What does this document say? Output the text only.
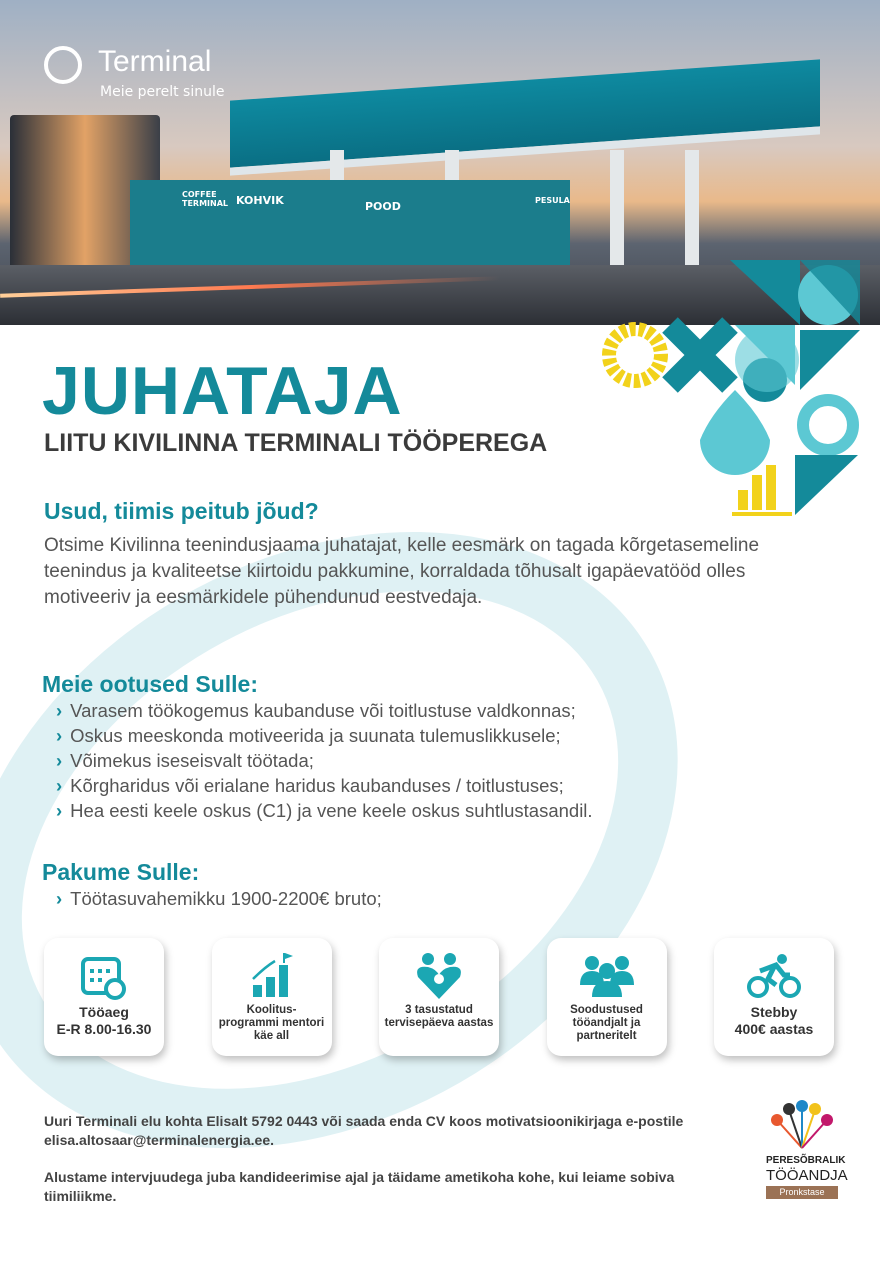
COFFEE TERMINAL KOHVIK	POOD	PESULA
Terminal
Meie perelt sinule
JUHATAJA
LIITU KIVILINNA TERMINALI TÖÖPEREGA
Usud, tiimis peitub jõud?

Otsime Kivilinna teenindusjaama juhatajat, kelle eesmärk on tagada kõrgetasemeline teenindus ja kvaliteetse kiirtoidu pakkumine, korraldada tõhusalt igapäevatööd olles motiveeriv ja eesmärkidele pühendunud eestvedaja.

Meie ootused Sulle:
› Varasem töökogemus kaubanduse või toitlustuse valdkonnas;
› Oskus meeskonda motiveerida ja suunata tulemuslikkusele;
› Võimekus iseseisvalt töötada;
› Kõrgharidus või erialane haridus kaubanduses / toitlustuses;
› Hea eesti keele oskus (C1) ja vene keele oskus suhtlustasandil.
Pakume Sulle:
› Töötasuvahemikku 1900-2200€ bruto;
Tööaeg
E-R 8.00-16.30
Koolitus-
programmi mentori käe all
3 tasustatud
tervisepäeva aastas
Soodustused
tööandjalt ja partneritelt
Stebby
400€ aastas

Uuri Terminali elu kohta Elisalt 5792 0443 või saada enda CV koos motivatsioonikirjaga e-postile elisa.altosaar@terminalenergia.ee.

Alustame intervjuudega juba kandideerimise ajal ja täidame ametikoha kohe, kui leiame sobiva tiimiliikme.

PERESÕBRALIK
TÖÖANDJA
Pronkstase
